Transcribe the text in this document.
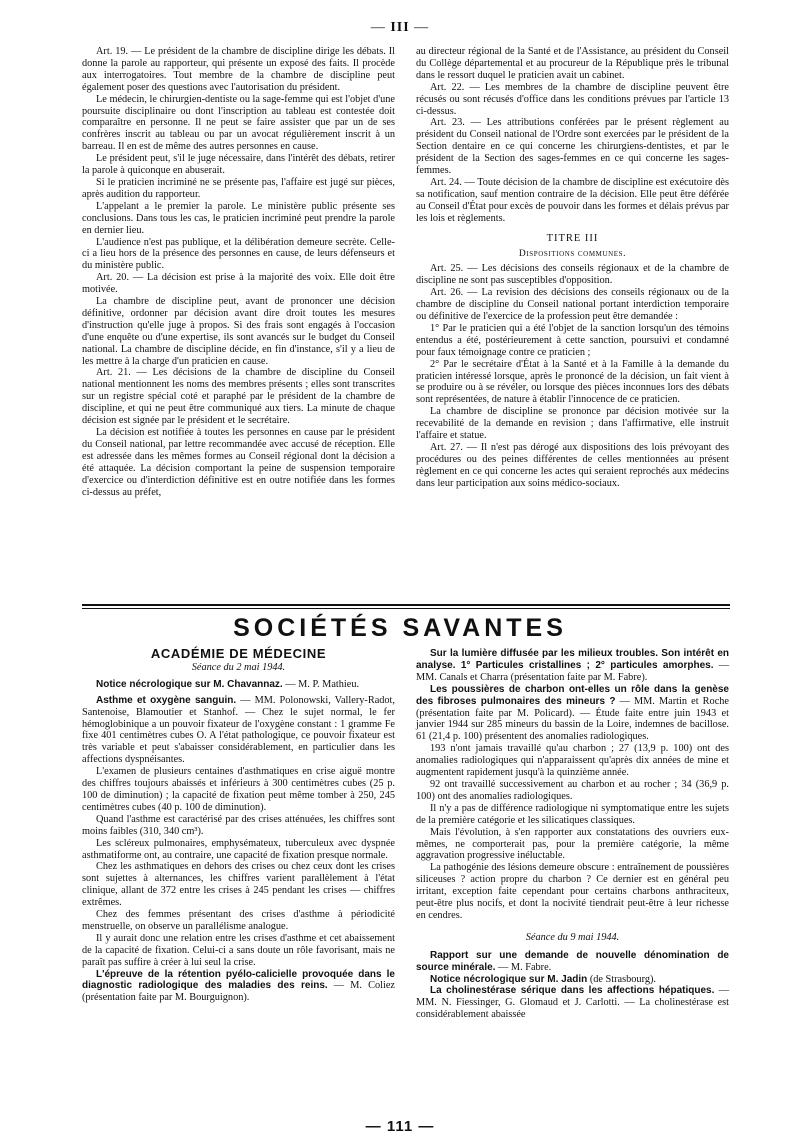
— III —

Art. 19. — Le président de la chambre de discipline dirige les débats. Il donne la parole au rapporteur, qui présente un exposé des faits. Il procède aux interrogatoires. Tout membre de la chambre de discipline peut également poser des questions avec l'autorisation du président.

Le médecin, le chirurgien-dentiste ou la sage-femme qui est l'objet d'une poursuite disciplinaire ou dont l'inscription au tableau est contestée doit comparaître en personne. Il ne peut se faire assister que par un de ses confrères inscrit au tableau ou par un avocat régulièrement inscrit à un barreau. Il en est de même des autres personnes en cause.

Le président peut, s'il le juge nécessaire, dans l'intérêt des débats, retirer la parole à quiconque en abuserait.

Si le praticien incriminé ne se présente pas, l'affaire est jugé sur pièces, après audition du rapporteur.

L'appelant a le premier la parole. Le ministère public présente ses conclusions. Dans tous les cas, le praticien incriminé peut prendre la parole en dernier lieu.

L'audience n'est pas publique, et la délibération demeure secrète. Celle-ci a lieu hors de la présence des personnes en cause, de leurs défenseurs et du ministère public.

Art. 20. — La décision est prise à la majorité des voix. Elle doit être motivée.

La chambre de discipline peut, avant de prononcer une décision définitive, ordonner par décision avant dire droit toutes les mesures d'instruction qu'elle juge à propos. Si des frais sont engagés à l'occasion d'une enquête ou d'une expertise, ils sont avancés sur le budget du Conseil national. La chambre de discipline décide, en fin d'instance, s'il y a lieu de les mettre à la charge d'un praticien en cause.

Art. 21. — Les décisions de la chambre de discipline du Conseil national mentionnent les noms des membres présents ; elles sont transcrites sur un registre spécial coté et paraphé par le président de la chambre de discipline, et qui ne peut être communiqué aux tiers. La minute de chaque décision est signée par le président et le secrétaire.

La décision est notifiée à toutes les personnes en cause par le président du Conseil national, par lettre recommandée avec accusé de réception. Elle est adressée dans les mêmes formes au Conseil régional dont la décision a été attaquée. La décision comportant la peine de suspension temporaire d'exercice ou d'interdiction définitive est en outre notifiée dans les formes ci-dessus au préfet,

au directeur régional de la Santé et de l'Assistance, au président du Conseil du Collège départemental et au procureur de la République près le tribunal dans le ressort duquel le praticien avait un cabinet.

Art. 22. — Les membres de la chambre de discipline peuvent être récusés ou sont récusés d'office dans les conditions prévues par l'article 13 ci-dessus.

Art. 23. — Les attributions conférées par le présent règlement au président du Conseil national de l'Ordre sont exercées par le président de la Section dentaire en ce qui concerne les chirurgiens-dentistes, et par le président de la Section des sages-femmes en ce qui concerne les sages-femmes.

Art. 24. — Toute décision de la chambre de discipline est exécutoire dès sa notification, sauf mention contraire de la décision. Elle peut être déférée au Conseil d'État pour excès de pouvoir dans les formes et délais prévus par les lois et règlements.

TITRE III

Dispositions communes.

Art. 25. — Les décisions des conseils régionaux et de la chambre de discipline ne sont pas susceptibles d'opposition.

Art. 26. — La revision des décisions des conseils régionaux ou de la chambre de discipline du Conseil national portant interdiction temporaire ou définitive de l'exercice de la profession peut être demandée :

1° Par le praticien qui a été l'objet de la sanction lorsqu'un des témoins entendus a été, postérieurement à cette sanction, poursuivi et condamné pour faux témoignage contre ce praticien ;

2° Par le secrétaire d'État à la Santé et à la Famille à la demande du praticien intéressé lorsque, après le prononcé de la décision, un fait vient à se produire ou à se révéler, ou lorsque des pièces inconnues lors des débats sont représentées, de nature à établir l'innocence de ce praticien.

La chambre de discipline se prononce par décision motivée sur la recevabilité de la demande en revision ; dans l'affirmative, elle instruit l'affaire et statue.

Art. 27. — Il n'est pas dérogé aux dispositions des lois prévoyant des procédures ou des peines différentes de celles mentionnées au présent règlement en ce qui concerne les actes qui seraient reprochés aux médecins dans leur participation aux soins médico-sociaux.

SOCIÉTÉS SAVANTES

ACADÉMIE DE MÉDECINE

Séance du 2 mai 1944.

Notice nécrologique sur M. Chavannaz. — M. P. Mathieu.

Asthme et oxygène sanguin. — MM. Polonowski, Vallery-Radot, Santenoise, Blamoutier et Stanhof. — Chez le sujet normal, le fer hémoglobinique a un pouvoir fixateur de l'oxygène constant : 1 gramme Fe fixe 401 centimètres cubes O. A l'état pathologique, ce pouvoir fixateur est très variable et peut s'abaisser considérablement, en particulier dans les affections dyspnéisantes.

L'examen de plusieurs centaines d'asthmatiques en crise aiguë montre des chiffres toujours abaissés et inférieurs à 300 centimètres cubes (25 p. 100 de diminution) ; la capacité de fixation peut même tomber à 250, 245 centimètres cubes (40 p. 100 de diminution).

Quand l'asthme est caractérisé par des crises atténuées, les chiffres sont moins faibles (310, 340 cm³).

Les scléreux pulmonaires, emphysémateux, tuberculeux avec dyspnée asthmatiforme ont, au contraire, une capacité de fixation presque normale.

Chez les asthmatiques en dehors des crises ou chez ceux dont les crises sont sujettes à alternances, les chiffres varient parallèlement à l'état clinique, allant de 372 entre les crises à 245 pendant les crises — chiffres extrêmes.

Chez des femmes présentant des crises d'asthme à périodicité menstruelle, on observe un parallélisme analogue.

Il y aurait donc une relation entre les crises d'asthme et cet abaissement de la capacité de fixation. Celui-ci a sans doute un rôle favorisant, mais ne paraît pas suffire à créer à lui seul la crise.

L'épreuve de la rétention pyélo-calicielle provoquée dans le diagnostic radiologique des maladies des reins. — M. Coliez (présentation faite par M. Bourguignon).

Sur la lumière diffusée par les milieux troubles. Son intérêt en analyse. 1° Particules cristallines ; 2° particules amorphes. — MM. Canals et Charra (présentation faite par M. Fabre).

Les poussières de charbon ont-elles un rôle dans la genèse des fibroses pulmonaires des mineurs ? — MM. Martin et Roche (présentation faite par M. Policard). — Étude faite entre juin 1943 et janvier 1944 sur 285 mineurs du bassin de la Loire, indemnes de bacillose. 61 (21,4 p. 100) présentent des anomalies radiologiques.

193 n'ont jamais travaillé qu'au charbon ; 27 (13,9 p. 100) ont des anomalies radiologiques qui n'apparaissent qu'après dix années de mine et augmentent rapidement jusqu'à la quinzième année.

92 ont travaillé successivement au charbon et au rocher ; 34 (36,9 p. 100) ont des anomalies radiologiques.

Il n'y a pas de différence radiologique ni symptomatique entre les sujets de la première catégorie et les silicatiques classiques.

Mais l'évolution, à s'en rapporter aux constatations des ouvriers eux-mêmes, ne comporterait pas, pour la première catégorie, la même aggravation progressive inéluctable.

La pathogénie des lésions demeure obscure : entraînement de poussières siliceuses ? action propre du charbon ? Ce dernier est en général peu irritant, exception faite cependant pour certains charbons anthraciteux, peut-être plus nocifs, et dont la nocivité tiendrait peut-être à leur richesse en cendres.

Séance du 9 mai 1944.

Rapport sur une demande de nouvelle dénomination de source minérale. — M. Fabre.

Notice nécrologique sur M. Jadin (de Strasbourg).

La cholinestérase sérique dans les affections hépatiques. — MM. N. Fiessinger, G. Glomaud et J. Carlotti. — La cholinestérase est considérablement abaissée

— 111 —
